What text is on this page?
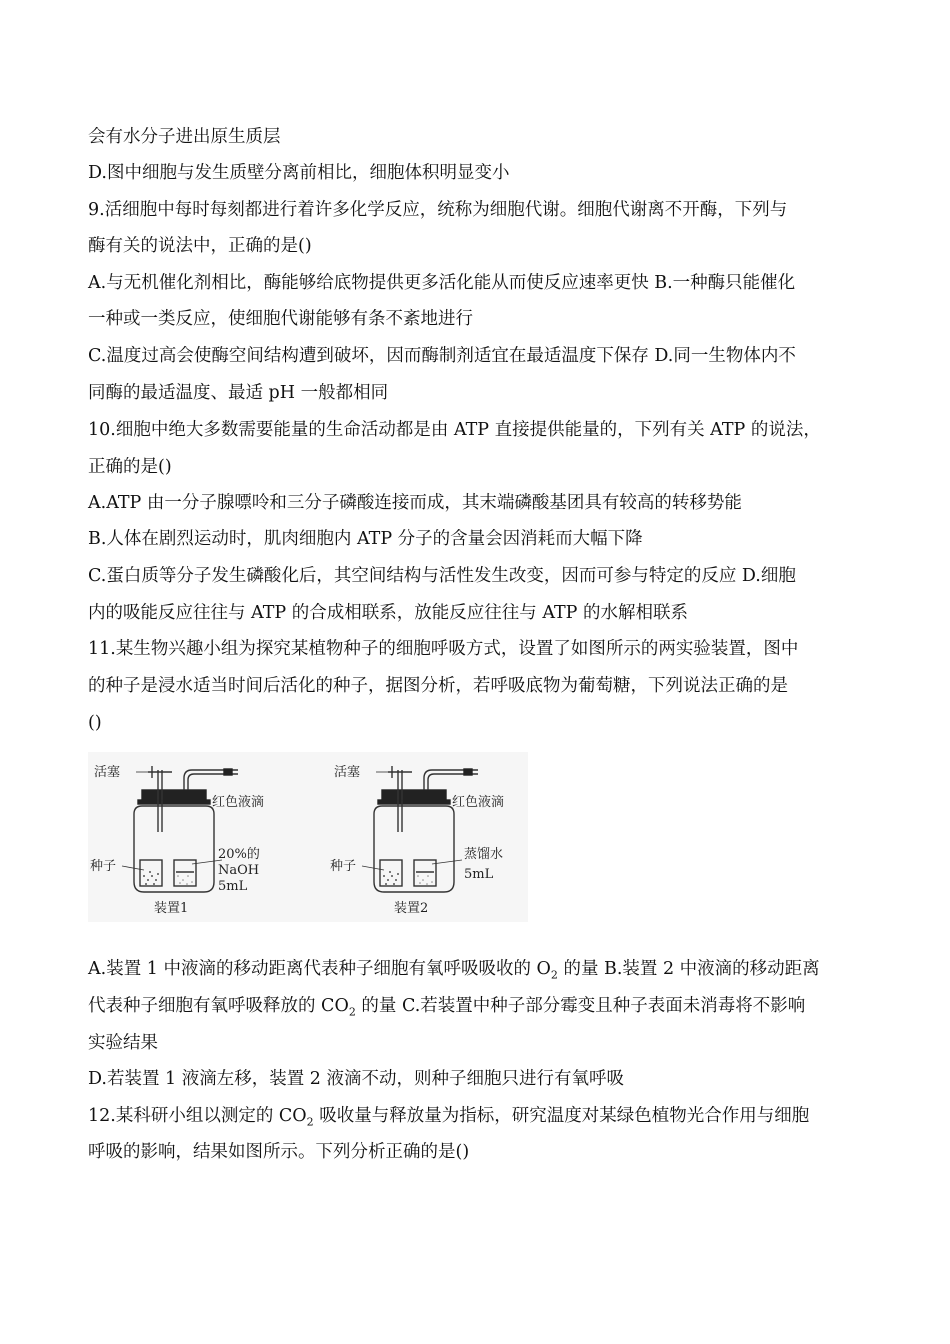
会有水分子进出原生质层
D.图中细胞与发生质壁分离前相比，细胞体积明显变小
9.活细胞中每时每刻都进行着许多化学反应，统称为细胞代谢。细胞代谢离不开酶，下列与
酶有关的说法中，正确的是()
A.与无机催化剂相比，酶能够给底物提供更多活化能从而使反应速率更快 B.一种酶只能催化
一种或一类反应，使细胞代谢能够有条不紊地进行
C.温度过高会使酶空间结构遭到破坏，因而酶制剂适宜在最适温度下保存 D.同一生物体内不
同酶的最适温度、最适 pH 一般都相同
10.细胞中绝大多数需要能量的生命活动都是由 ATP 直接提供能量的，下列有关 ATP 的说法，
正确的是()
A.ATP 由一分子腺嘌呤和三分子磷酸连接而成，其末端磷酸基团具有较高的转移势能
B.人体在剧烈运动时，肌肉细胞内 ATP 分子的含量会因消耗而大幅下降
C.蛋白质等分子发生磷酸化后，其空间结构与活性发生改变，因而可参与特定的反应 D.细胞
内的吸能反应往往与 ATP 的合成相联系，放能反应往往与 ATP 的水解相联系
11.某生物兴趣小组为探究某植物种子的细胞呼吸方式，设置了如图所示的两实验装置，图中
的种子是浸水适当时间后活化的种子，据图分析，若呼吸底物为葡萄糖，下列说法正确的是
()
活塞
红色液滴
种子
20%的
NaOH
5mL
装置1
活塞
红色液滴
种子
蒸馏水
5mL
装置2
A.装置 1 中液滴的移动距离代表种子细胞有氧呼吸吸收的 $O_2$ 的量 B.装置 2 中液滴的移动距离
代表种子细胞有氧呼吸释放的 $CO_2$ 的量 C.若装置中种子部分霉变且种子表面未消毒将不影响
实验结果
D.若装置 1 液滴左移，装置 2 液滴不动，则种子细胞只进行有氧呼吸
12.某科研小组以测定的 $CO_2$ 吸收量与释放量为指标，研究温度对某绿色植物光合作用与细胞
呼吸的影响，结果如图所示。下列分析正确的是()
